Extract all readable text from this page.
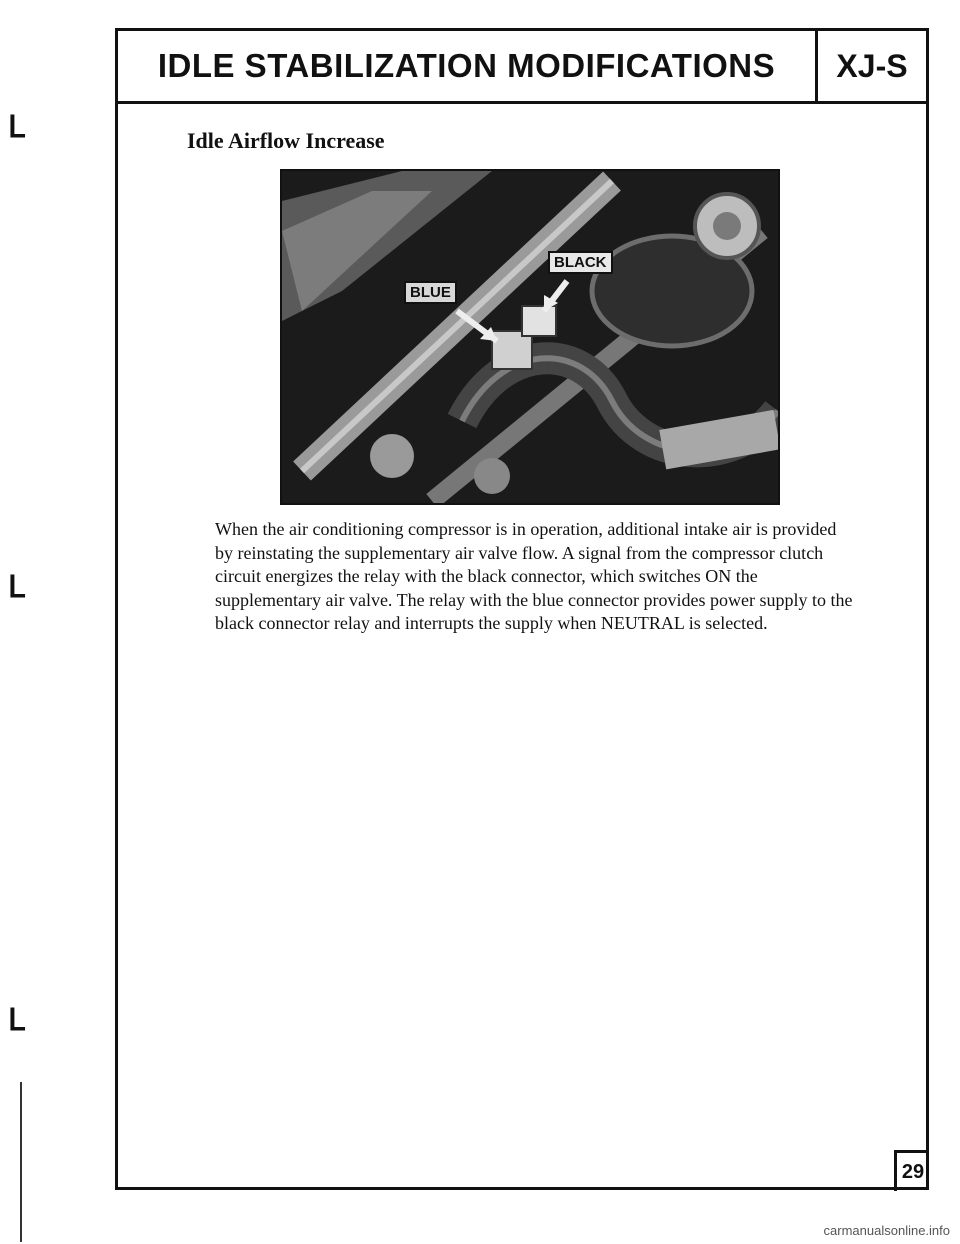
ᒪ
ᒪ
ᒪ
IDLE STABILIZATION MODIFICATIONS	XJ-S
Idle Airflow Increase
BLUE
BLACK
When the air conditioning compressor is in operation, additional intake air is provided by reinstating the supplementary air valve flow. A signal from the compressor clutch circuit energizes the relay with the black connector, which switches ON the supplementary air valve. The relay with the blue connector provides power supply to the black connector relay and interrupts the supply when NEUTRAL is selected.
29
carmanualsonline.info
